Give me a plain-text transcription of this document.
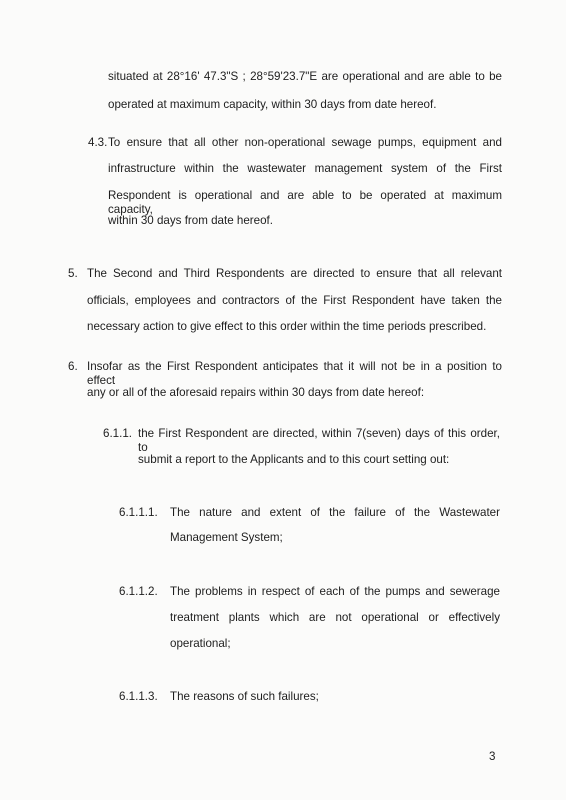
situated at 28°16' 47.3"S ; 28°59'23.7"E are operational and are able to be
operated at maximum capacity, within 30 days from date hereof.
4.3. To ensure that all other non-operational sewage pumps, equipment and
infrastructure within the wastewater management system of the First
Respondent is operational and are able to be operated at maximum capacity,
within 30 days from date hereof.
5. The Second and Third Respondents are directed to ensure that all relevant
officials, employees and contractors of the First Respondent have taken the
necessary action to give effect to this order within the time periods prescribed.
6. Insofar as the First Respondent anticipates that it will not be in a position to effect
any or all of the aforesaid repairs within 30 days from date hereof:
6.1.1. the First Respondent are directed, within 7(seven) days of this order, to
submit a report to the Applicants and to this court setting out:
6.1.1.1. The nature and extent of the failure of the Wastewater
Management System;
6.1.1.2. The problems in respect of each of the pumps and sewerage
treatment plants which are not operational or effectively
operational;
6.1.1.3. The reasons of such failures;
3
